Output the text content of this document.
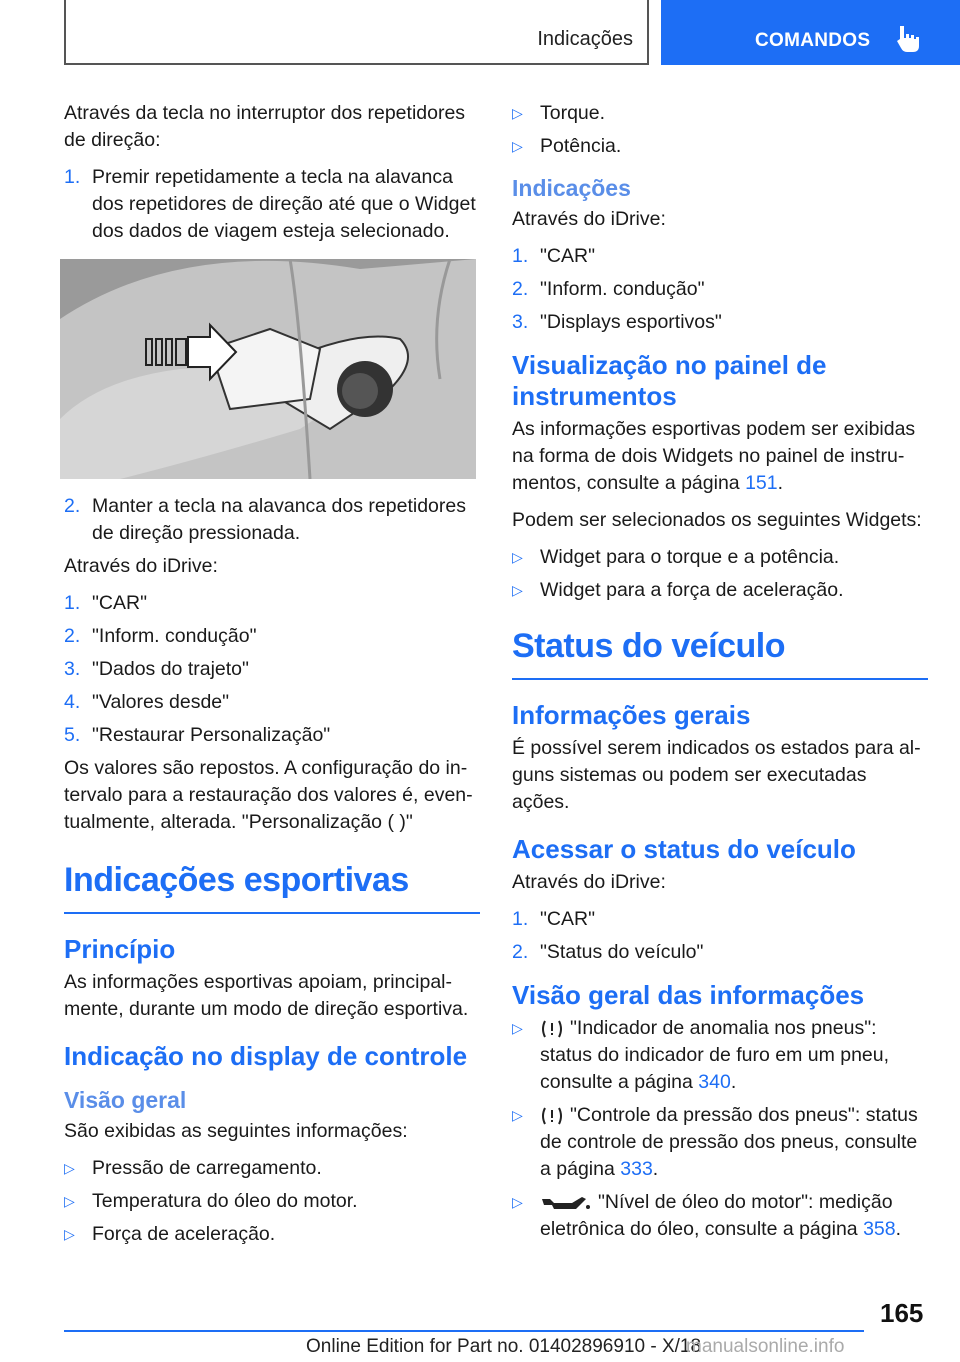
Indicações	COMANDOS

Através da tecla no interruptor dos repetidores de direção:

1. Premir repetidamente a tecla na alavanca dos repetidores de direção até que o Widget dos dados de viagem esteja selecionado.
2. Manter a tecla na alavanca dos repetidores de direção pressionada.

Através do iDrive:

1. "CAR"
2. "Inform. condução"
3. "Dados do trajeto"
4. "Valores desde"
5. "Restaurar Personalização"

Os valores são repostos. A configuração do intervalo para a restauração dos valores é, eventualmente, alterada. "Personalização ( )"

Indicações esportivas
Princípio

As informações esportivas apoiam, principalmente, durante um modo de direção esportiva.

Indicação no display de controle
Visão geral

São exibidas as seguintes informações:

▷ Pressão de carregamento.
▷ Temperatura do óleo do motor.
▷ Força de aceleração.
▷ Torque.
▷ Potência.
Indicações

Através do iDrive:

1. "CAR"
2. "Inform. condução"
3. "Displays esportivos"
Visualização no painel de instrumentos

As informações esportivas podem ser exibidas na forma de dois Widgets no painel de instrumentos, consulte a página 151.

Podem ser selecionados os seguintes Widgets:

▷ Widget para o torque e a potência.
▷ Widget para a força de aceleração.
Status do veículo
Informações gerais

É possível serem indicados os estados para alguns sistemas ou podem ser executadas ações.

Acessar o status do veículo

Através do iDrive:

1. "CAR"
2. "Status do veículo"
Visão geral das informações
▷ "Indicador de anomalia nos pneus": status do indicador de furo em um pneu, consulte a página 340.
▷ "Controle da pressão dos pneus": status de controle de pressão dos pneus, consulte a página 333.
▷	"Nível de óleo do motor": medição eletrônica do óleo, consulte a página 358.
165
Online Edition for Part no. 01402896910 - X/18
manualsonline.info
